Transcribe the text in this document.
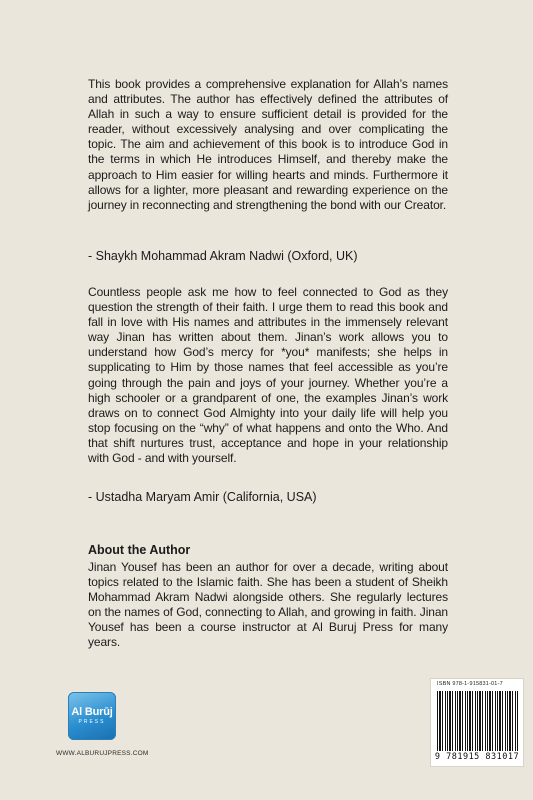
This book provides a comprehensive explanation for Allah’s names and attributes. The author has effectively defined the attributes of Allah in such a way to ensure sufficient detail is provided for the reader, without excessively analysing and over complicating the topic. The aim and achievement of this book is to introduce God in the terms in which He introduces Himself, and thereby make the approach to Him easier for willing hearts and minds. Furthermore it allows for a lighter, more pleasant and rewarding experience on the journey in reconnecting and strengthening the bond with our Creator.

- Shaykh Mohammad Akram Nadwi (Oxford, UK)

Countless people ask me how to feel connected to God as they question the strength of their faith. I urge them to read this book and fall in love with His names and attributes in the immensely relevant way Jinan has written about them. Jinan’s work allows you to understand how God’s mercy for *you* manifests; she helps in supplicating to Him by those names that feel accessible as you’re going through the pain and joys of your journey. Whether you’re a high schooler or a grandparent of one, the examples Jinan’s work draws on to connect God Almighty into your daily life will help you stop focusing on the “why” of what happens and onto the Who. And that shift nurtures trust, acceptance and hope in your relationship with God - and with yourself.

- Ustadha Maryam Amir (California, USA)
About the Author

Jinan Yousef has been an author for over a decade, writing about topics related to the Islamic faith. She has been a student of Sheikh Mohammad Akram Nadwi alongside others. She regularly lectures on the names of God, connecting to Allah, and growing in faith. Jinan Yousef has been a course instructor at Al Buruj Press for many years.

Al Burūj
PRESS
WWW.ALBURUJPRESS.COM
ISBN 978-1-915831-01-7
9 781915 831017
